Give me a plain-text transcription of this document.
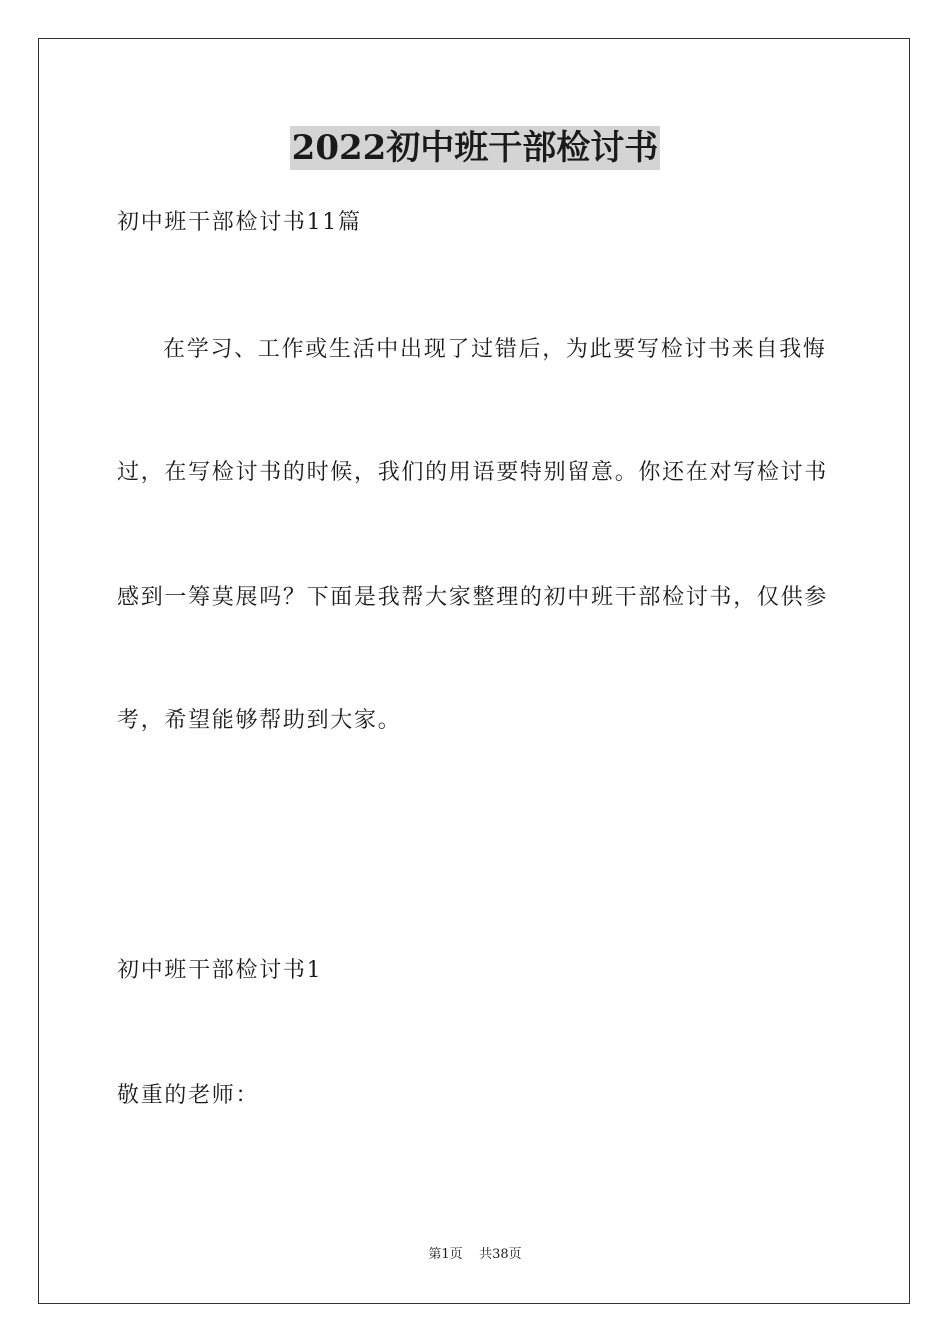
2022初中班干部检讨书
初中班干部检讨书11篇
在学习、工作或生活中出现了过错后，为此要写检讨书来自我悔
过，在写检讨书的时候，我们的用语要特别留意。你还在对写检讨书
感到一筹莫展吗？下面是我帮大家整理的初中班干部检讨书，仅供参
考，希望能够帮助到大家。
初中班干部检讨书1
敬重的老师：
第1页 共38页
